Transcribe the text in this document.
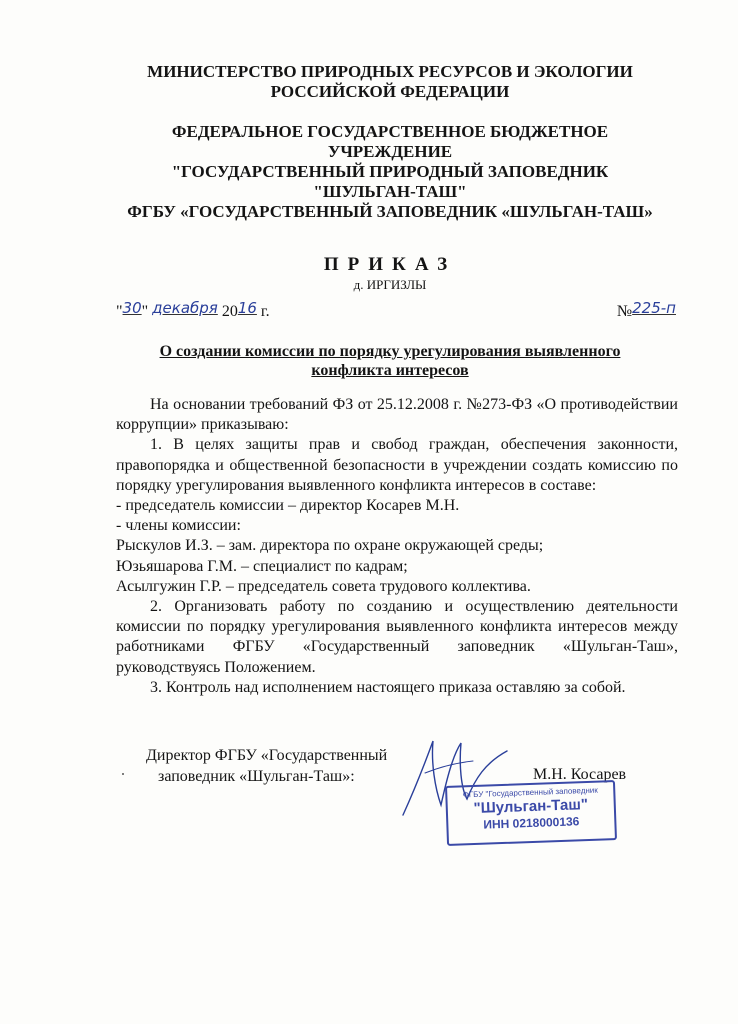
МИНИСТЕРСТВО ПРИРОДНЫХ РЕСУРСОВ И ЭКОЛОГИИ
РОССИЙСКОЙ ФЕДЕРАЦИИ
ФЕДЕРАЛЬНОЕ ГОСУДАРСТВЕННОЕ БЮДЖЕТНОЕ
УЧРЕЖДЕНИЕ
"ГОСУДАРСТВЕННЫЙ ПРИРОДНЫЙ ЗАПОВЕДНИК
"ШУЛЬГАН-ТАШ"
ФГБУ «ГОСУДАРСТВЕННЫЙ ЗАПОВЕДНИК «ШУЛЬГАН-ТАШ»
ПРИКАЗ
д. ИРГИЗЛЫ
"30" декабря 2016 г.	№225-п
О создании комиссии по порядку урегулирования выявленного
конфликта интересов

На основании требований ФЗ от 25.12.2008 г. №273-ФЗ «О противодействии коррупции» приказываю:

1. В целях защиты прав и свобод граждан, обеспечения законности, правопорядка и общественной безопасности в учреждении создать комиссию по порядку урегулирования выявленного конфликта интересов в составе:

- председатель комиссии – директор Косарев М.Н.

- члены комиссии:

Рыскулов И.З. – зам. директора по охране окружающей среды;

Юзьяшарова Г.М. – специалист по кадрам;

Асылгужин Г.Р. – председатель совета трудового коллектива.

2. Организовать работу по созданию и осуществлению деятельности комиссии по порядку урегулирования выявленного конфликта интересов между работниками ФГБУ «Государственный заповедник «Шульган-Таш», руководствуясь Положением.

3. Контроль над исполнением настоящего приказа оставляю за собой.

Директор ФГБУ «Государственный
заповедник «Шульган-Таш»:	М.Н. Косарев
ФГБУ "Государственный заповедник
"Шульган-Таш"
ИНН 0218000136
